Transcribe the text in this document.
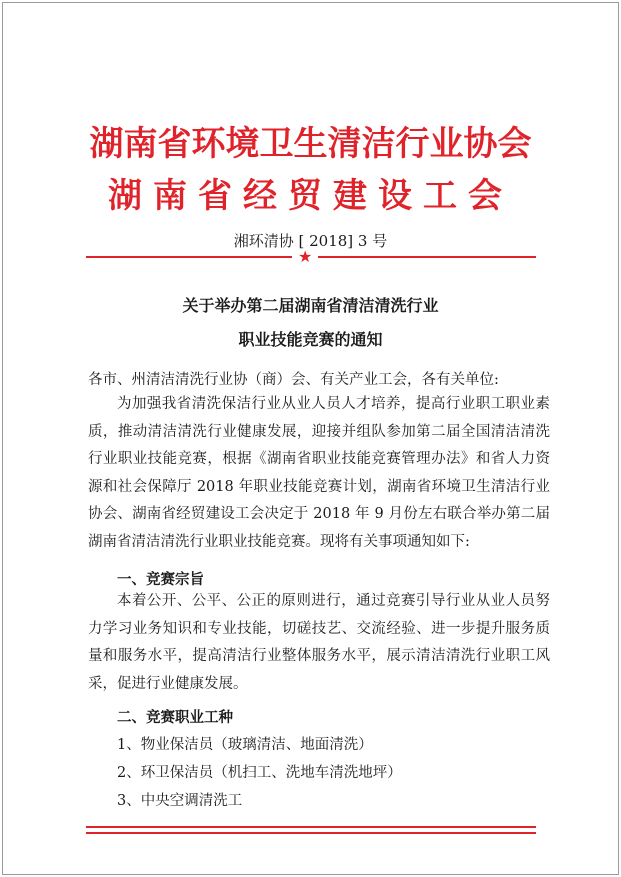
湖南省环境卫生清洁行业协会
湖南省经贸建设工会
湘环清协 [ 2018] 3 号
★
关于举办第二届湖南省清洁清洗行业
职业技能竞赛的通知
各市、州清洁清洗行业协（商）会、有关产业工会，各有关单位:
为加强我省清洗保洁行业从业人员人才培养，提高行业职工职业素质，推动清洁清洗行业健康发展，迎接并组队参加第二届全国清洁清洗行业职业技能竞赛，根据《湖南省职业技能竞赛管理办法》和省人力资源和社会保障厅 2018 年职业技能竞赛计划，湖南省环境卫生清洁行业协会、湖南省经贸建设工会决定于 2018 年 9 月份左右联合举办第二届湖南省清洁清洗行业职业技能竞赛。现将有关事项通知如下:
一、竞赛宗旨
本着公开、公平、公正的原则进行，通过竞赛引导行业从业人员努力学习业务知识和专业技能，切磋技艺、交流经验、进一步提升服务质量和服务水平，提高清洁行业整体服务水平，展示清洁清洗行业职工风采，促进行业健康发展。
二、竞赛职业工种
1、物业保洁员（玻璃清洁、地面清洗）
2、环卫保洁员（机扫工、洗地车清洗地坪）
3、中央空调清洗工
